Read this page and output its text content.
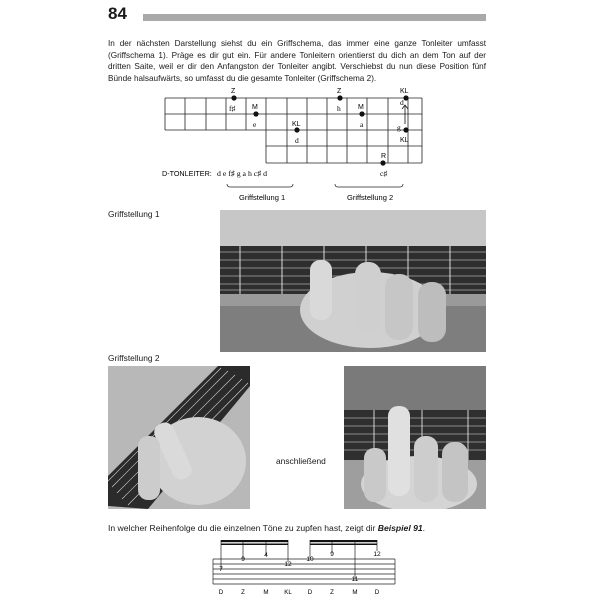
84

In der nächsten Darstellung siehst du ein Griffschema, das immer eine ganze Tonleiter umfasst (Griffschema 1). Präge es dir gut ein. Für andere Tonleitern orientierst du dich an dem Ton auf der dritten Saite, weil er dir den Anfangston der Tonleiter angibt. Verschiebst du nun diese Position fünf Bünde halsaufwärts, so umfasst du die gesamte Tonleiter (Griffschema 2).

Z
M
KL
Z
M
KL
KL
R
f♯
e
d
h
a
d
g
c♯
D-TONLEITER: d e f♯ g a h c♯ d
Griffstellung 1	Griffstellung 2
Griffstellung 1
Griffstellung 2
anschließend
In welcher Reihenfolge du die einzelnen Töne zu zupfen hast, zeigt dir Beispiel 91.
7
9
4
12
10
9	12
11
D	Z	M	KL	D	Z	M	D
